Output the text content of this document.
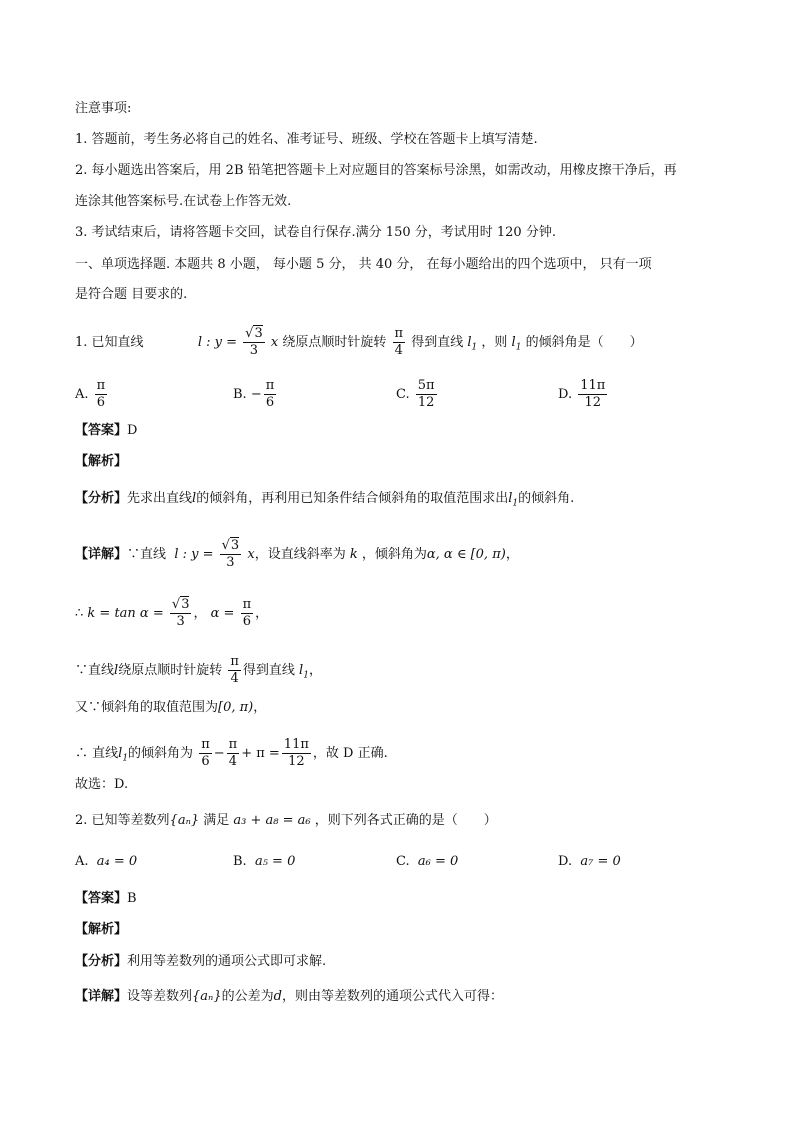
注意事项:
1. 答题前，考生务必将自己的姓名、准考证号、班级、学校在答题卡上填写清楚.
2. 每小题选出答案后，用 2B 铅笔把答题卡上对应题目的答案标号涂黑，如需改动，用橡皮擦干净后，再
连涂其他答案标号.在试卷上作答无效.
3. 考试结束后，请将答题卡交回，试卷自行保存.满分 150 分，考试用时 120 分钟.
一、单项选择题. 本题共 8 小题， 每小题 5 分， 共 40 分， 在每小题给出的四个选项中， 只有一项
是符合题 目要求的.
1. 已知直线	l : $y = \frac{√3}{3}$ x 绕原点顺时针旋转 $\frac{\pi}{4}$ 得到直线 $l_1$ ，则 $l_1$ 的倾斜角是（　　）
A. $\frac{\pi}{6}$	B. − $\frac{\pi}{6}$	C. $\frac{5\pi}{12}$	D. $\frac{11\pi}{12}$
【答案】D
【解析】
【分析】先求出直线l的倾斜角，再利用已知条件结合倾斜角的取值范围求出$l_1$的倾斜角.
【详解】∵直线 l : $y = \frac{√3}{3}$ x，设直线斜率为 k ，倾斜角为α, α ∈ [0, π)，
∴ $k = \tan \alpha = \frac{√3}{3}$ ， $\alpha = \frac{\pi}{6}$ ，
∵直线l绕原点顺时针旋转 $\frac{\pi}{4}$ 得到直线 $l_1$，
又∵倾斜角的取值范围为[0, π)，
∴ 直线$l_1$的倾斜角为 $\frac{\pi}{6} - \frac{\pi}{4} + \pi = \frac{11\pi}{12}$ ，故 D 正确.
故选：D.
2. 已知等差数列{aₙ} 满足 a₃ + a₈ = a₆ ，则下列各式正确的是（　　）
A. a₄ = 0	B. a₅ = 0	C. a₆ = 0	D. a₇ = 0
【答案】B
【解析】
【分析】利用等差数列的通项公式即可求解.
【详解】设等差数列{aₙ}的公差为d，则由等差数列的通项公式代入可得：
